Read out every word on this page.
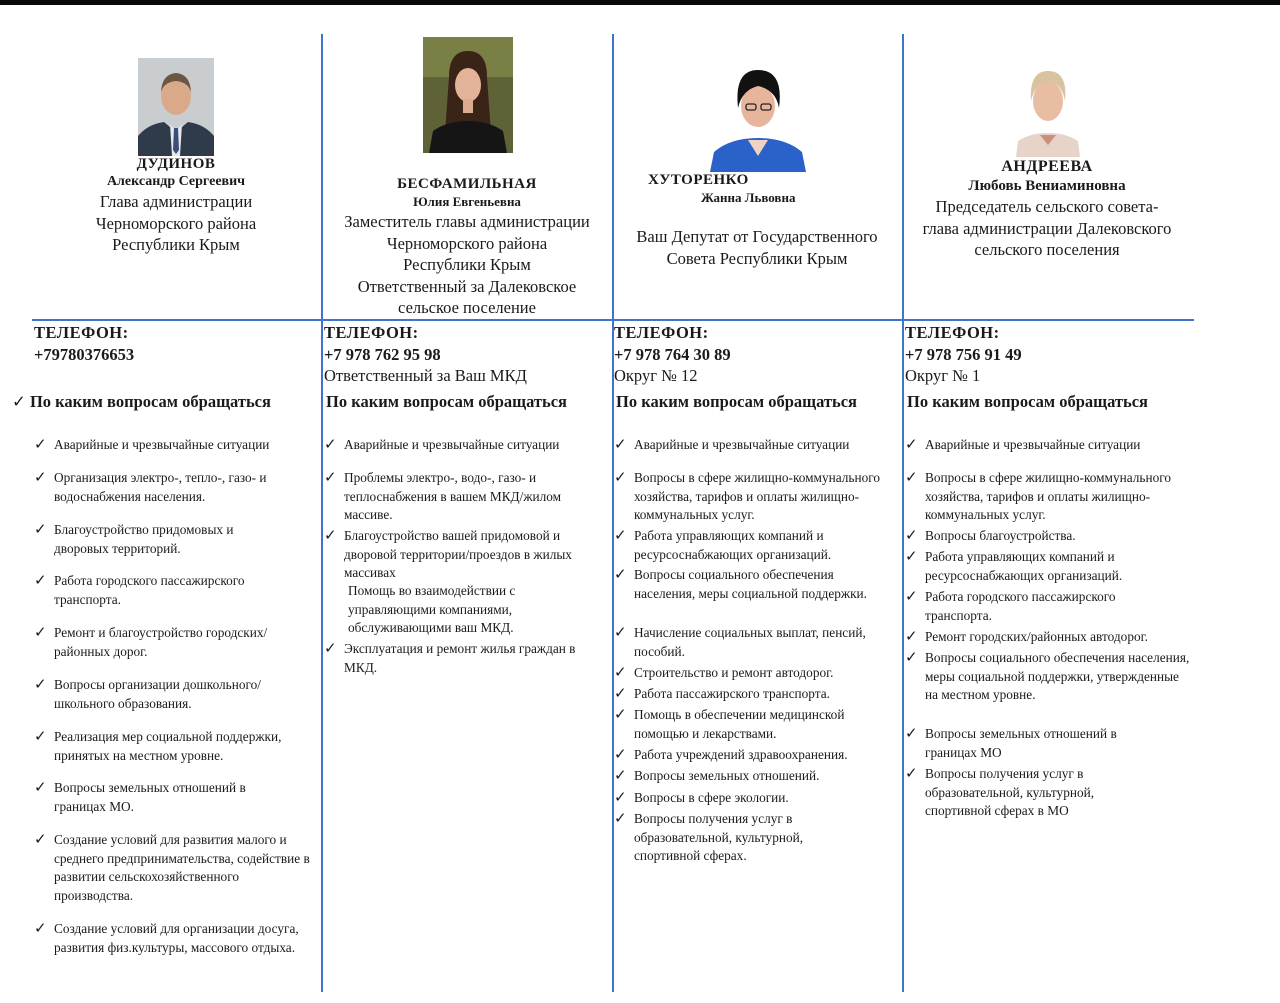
ДУДИНОВ
Александр Сергеевич
Глава администрации
Черноморского района
Республики Крым
ТЕЛЕФОН:
+79780376653
✓ По каким вопросам обращаться
✓ Аварийные и чрезвычайные ситуации
✓ Организация электро-, тепло-, газо- и водоснабжения населения.
✓ Благоустройство придомовых и дворовых территорий.
✓ Работа городского пассажирского транспорта.
✓ Ремонт и благоустройство городских/ районных дорог.
✓ Вопросы организации дошкольного/ школьного образования.
✓ Реализация мер социальной поддержки, принятых на местном уровне.
✓ Вопросы земельных отношений в границах МО.
✓ Создание условий для развития малого и среднего предпринимательства, содействие в развитии сельскохозяйственного производства.
✓ Создание условий для организации досуга, развития физ.культуры, массового отдыха.
БЕСФАМИЛЬНАЯ
Юлия Евгеньевна
Заместитель главы администрации
Черноморского района
Республики Крым
Ответственный за Далековское
сельское поселение
ТЕЛЕФОН:
+7 978 762 95 98
Ответственный за Ваш МКД
По каким вопросам обращаться
✓ Аварийные и чрезвычайные ситуации
✓ Проблемы электро-, водо-, газо- и теплоснабжения в вашем МКД/жилом массиве.
✓ Благоустройство вашей придомовой и дворовой территории/проездов в жилых массивах
Помощь во взаимодействии с управляющими компаниями, обслуживающими ваш МКД.
✓ Эксплуатация и ремонт жилья граждан в МКД.
ХУТОРЕНКО
Жанна Львовна
Ваш Депутат от Государственного
Совета Республики Крым
ТЕЛЕФОН:
+7 978 764 30 89
Округ № 12
По каким вопросам обращаться
✓ Аварийные и чрезвычайные ситуации
✓ Вопросы в сфере жилищно-коммунального хозяйства, тарифов и оплаты жилищно-коммунальных услуг.
✓ Работа управляющих компаний и ресурсоснабжающих организаций.
✓ Вопросы социального обеспечения населения, меры социальной поддержки.
✓ Начисление социальных выплат, пенсий, пособий.
✓ Строительство и ремонт автодорог.
✓ Работа пассажирского транспорта.
✓ Помощь в обеспечении медицинской помощью и лекарствами.
✓ Работа учреждений здравоохранения.
✓ Вопросы земельных отношений.
✓ Вопросы в сфере экологии.
✓ Вопросы получения услуг в образовательной, культурной, спортивной сферах.
АНДРЕЕВА
Любовь Вениаминовна
Председатель сельского совета-
глава администрации Далековского
сельского поселения
ТЕЛЕФОН:
+7 978 756 91 49
Округ № 1
По каким вопросам обращаться
✓ Аварийные и чрезвычайные ситуации
✓ Вопросы в сфере жилищно-коммунального хозяйства, тарифов и оплаты жилищно-коммунальных услуг.
✓ Вопросы благоустройства.
✓ Работа управляющих компаний и ресурсоснабжающих организаций.
✓ Работа городского пассажирского транспорта.
✓ Ремонт городских/районных автодорог.
✓ Вопросы социального обеспечения населения, меры социальной поддержки, утвержденные на местном уровне.
✓ Вопросы земельных отношений в границах МО
✓ Вопросы получения услуг в образовательной, культурной, спортивной сферах в МО
